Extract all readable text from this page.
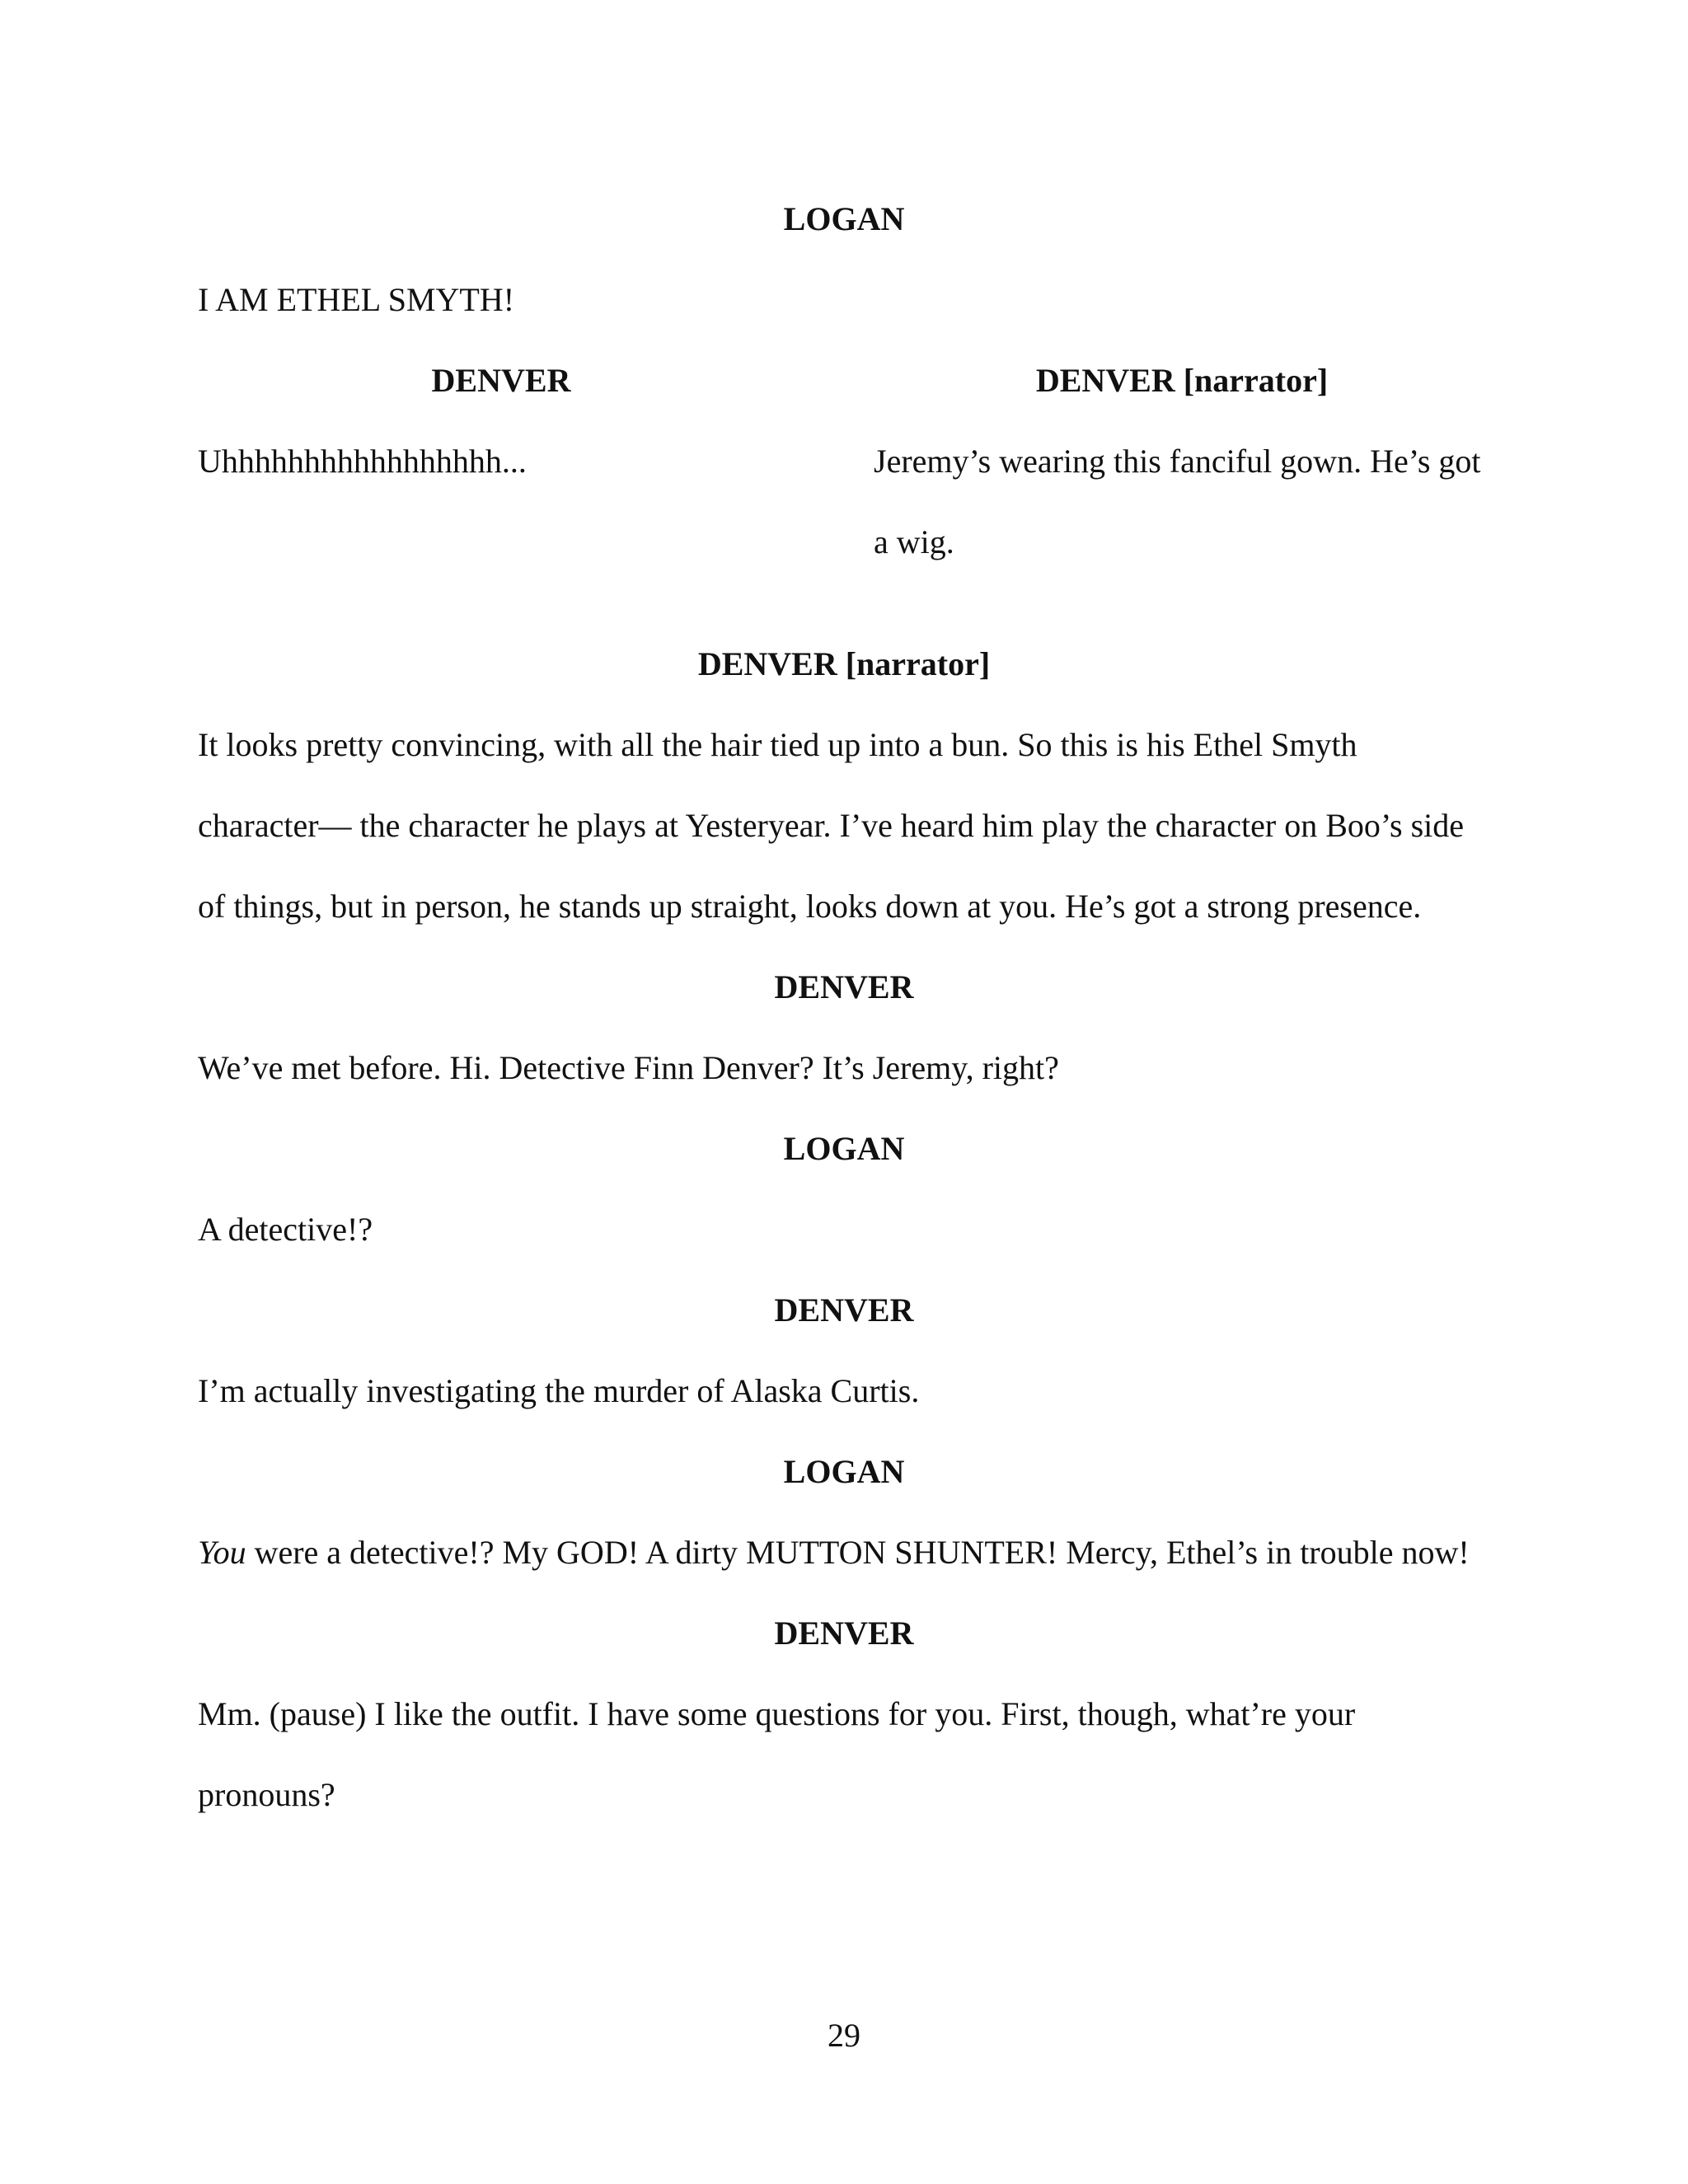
LOGAN
I AM ETHEL SMYTH!
DENVER	DENVER [narrator]
Uhhhhhhhhhhhhhhhhh...	Jeremy’s wearing this fanciful gown. He’s got
a wig.
DENVER [narrator]
It looks pretty convincing, with all the hair tied up into a bun. So this is his Ethel Smyth
character— the character he plays at Yesteryear. I’ve heard him play the character on Boo’s side
of things, but in person, he stands up straight, looks down at you. He’s got a strong presence.
DENVER
We’ve met before. Hi. Detective Finn Denver? It’s Jeremy, right?
LOGAN
A detective!?
DENVER
I’m actually investigating the murder of Alaska Curtis.
LOGAN
You were a detective!? My GOD! A dirty MUTTON SHUNTER! Mercy, Ethel’s in trouble now!
DENVER
Mm. (pause) I like the outfit. I have some questions for you. First, though, what’re your
pronouns?
29
